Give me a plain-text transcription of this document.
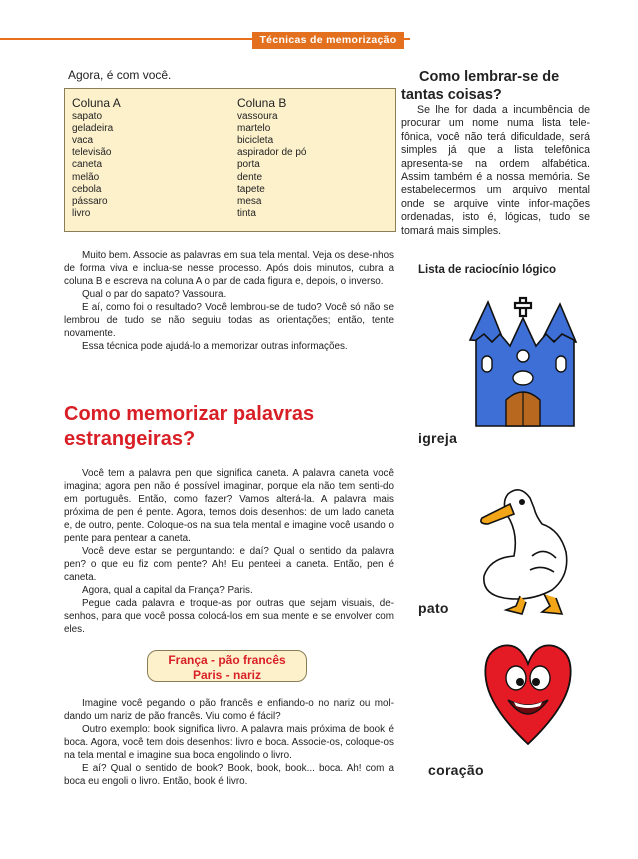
Técnicas de memorização
Agora, é com você.
Coluna A
sapato
geladeira
vaca
televisão
caneta
melão
cebola
pássaro
livro
Coluna B
vassoura
martelo
bicicleta
aspirador de pó
porta
dente
tapete
mesa
tinta

Muito bem. Associe as palavras em sua tela mental. Veja os dese-nhos de forma viva e inclua-se nesse processo. Após dois minutos, cubra a coluna B e escreva na coluna A o par de cada figura e, depois, o inverso.

Qual o par do sapato? Vassoura.

E aí, como foi o resultado? Você lembrou-se de tudo? Você só não se lembrou de tudo se não seguiu todas as orientações; então, tente novamente.

Essa técnica pode ajudá-lo a memorizar outras informações.

Como memorizar palavras estrangeiras?

Você tem a palavra pen que significa caneta. A palavra caneta você imagina; agora pen não é possível imaginar, porque ela não tem senti-do em português. Então, como fazer? Vamos alterá-la. A palavra mais próxima de pen é pente. Agora, temos dois desenhos: de um lado caneta e, de outro, pente. Coloque-os na sua tela mental e imagine você usando o pente para pentear a caneta.

Você deve estar se perguntando: e daí? Qual o sentido da palavra pen? o que eu fiz com pente? Ah! Eu penteei a caneta. Então, pen é caneta.

Agora, qual a capital da França? Paris.

Pegue cada palavra e troque-as por outras que sejam visuais, de-senhos, para que você possa colocá-los em sua mente e se envolver com eles.

França - pão francês
Paris - nariz

Imagine você pegando o pão francês e enfiando-o no nariz ou mol-dando um nariz de pão francês. Viu como é fácil?

Outro exemplo: book significa livro. A palavra mais próxima de book é boca. Agora, você tem dois desenhos: livro e boca. Associe-os, coloque-os na tela mental e imagine sua boca engolindo o livro.

E aí? Qual o sentido de book? Book, book, book... boca. Ah! com a boca eu engoli o livro. Então, book é livro.

Como lembrar-se de
tantas coisas?

Se lhe for dada a incumbência de procurar um nome numa lista tele-fônica, você não terá dificuldade, será simples já que a lista telefônica apresenta-se na ordem alfabética. Assim também é a nossa memória. Se estabelecermos um arquivo mental onde se arquive vinte infor-mações ordenadas, isto é, lógicas, tudo se tomará mais simples.

Lista de raciocínio lógico
igreja
pato
coração
